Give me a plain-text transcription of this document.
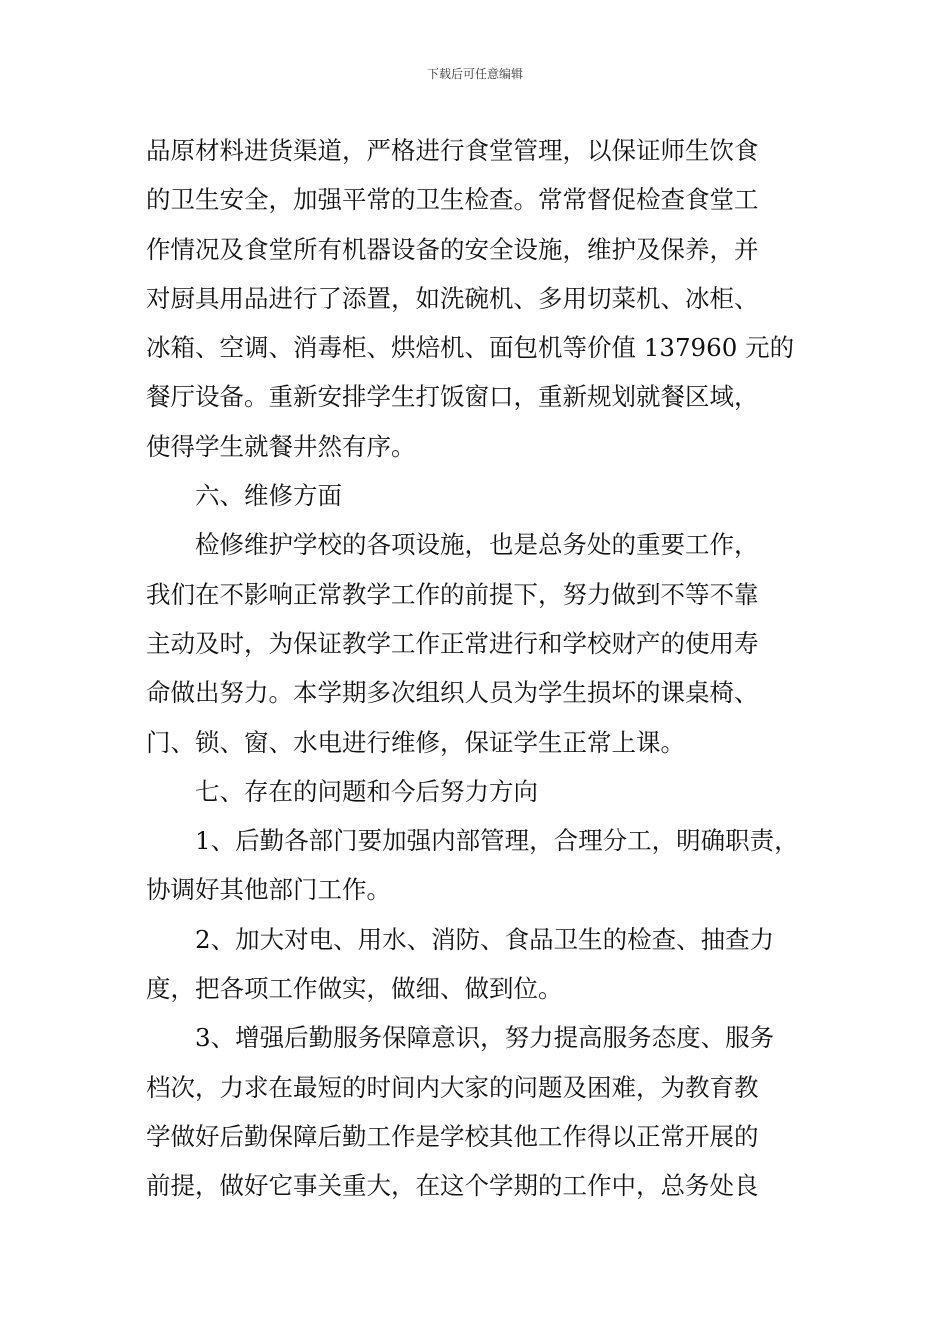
下载后可任意编辑
品原材料进货渠道，严格进行食堂管理，以保证师生饮食
的卫生安全，加强平常的卫生检查。常常督促检查食堂工
作情况及食堂所有机器设备的安全设施，维护及保养，并
对厨具用品进行了添置，如洗碗机、多用切菜机、冰柜、
冰箱、空调、消毒柜、烘焙机、面包机等价值 137960 元的
餐厅设备。重新安排学生打饭窗口，重新规划就餐区域，
使得学生就餐井然有序。
六、维修方面
检修维护学校的各项设施，也是总务处的重要工作，
我们在不影响正常教学工作的前提下，努力做到不等不靠
主动及时，为保证教学工作正常进行和学校财产的使用寿
命做出努力。本学期多次组织人员为学生损坏的课桌椅、
门、锁、窗、水电进行维修，保证学生正常上课。
七、存在的问题和今后努力方向
1、后勤各部门要加强内部管理，合理分工，明确职责，
协调好其他部门工作。
2、加大对电、用水、消防、食品卫生的检查、抽查力
度，把各项工作做实，做细、做到位。
3、增强后勤服务保障意识，努力提高服务态度、服务
档次，力求在最短的时间内大家的问题及困难，为教育教
学做好后勤保障后勤工作是学校其他工作得以正常开展的
前提，做好它事关重大，在这个学期的工作中，总务处良
